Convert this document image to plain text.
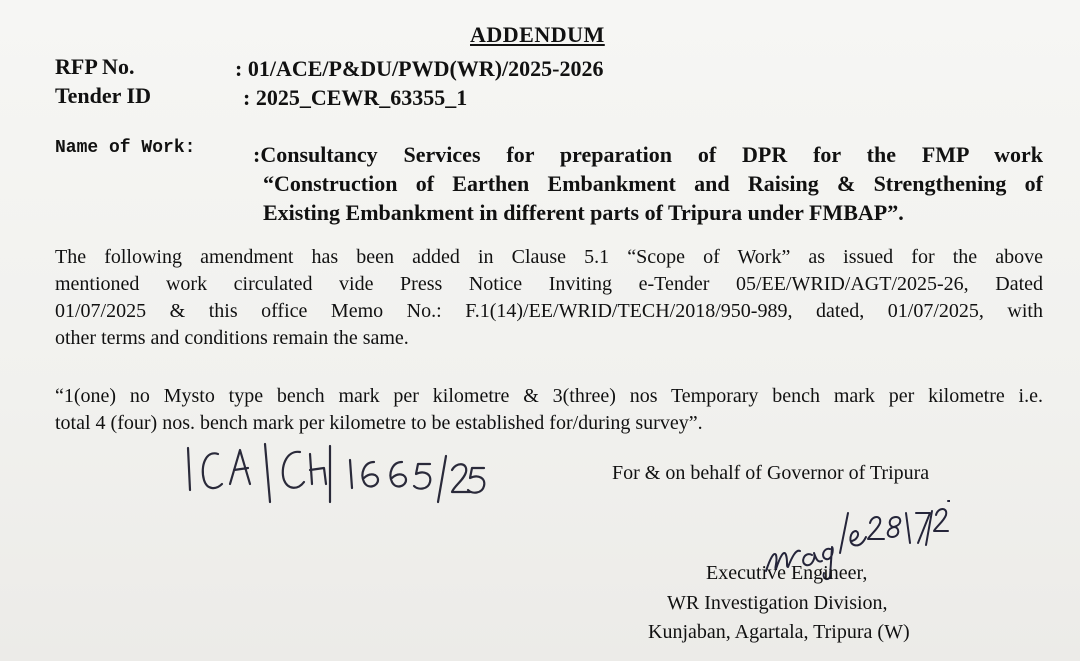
ADDENDUM
RFP No.	: 01/ACE/P&DU/PWD(WR)/2025-2026
Tender ID	: 2025_CEWR_63355_1
Name of Work:	:Consultancy Services for preparation of DPR for the FMP work
“Construction of Earthen Embankment and Raising & Strengthening of
Existing Embankment in different parts of Tripura under FMBAP”.
The following amendment has been added in Clause 5.1 “Scope of Work” as issued for the above
mentioned work circulated vide Press Notice Inviting e-Tender 05/EE/WRID/AGT/2025-26, Dated
01/07/2025 & this office Memo No.: F.1(14)/EE/WRID/TECH/2018/950-989, dated, 01/07/2025, with
other terms and conditions remain the same.
“1(one) no Mysto type bench mark per kilometre & 3(three) nos Temporary bench mark per kilometre i.e.
total 4 (four) nos. bench mark per kilometre to be established for/during survey”.
For & on behalf of Governor of Tripura
Executive Engineer,
WR Investigation Division,
Kunjaban, Agartala, Tripura (W)
